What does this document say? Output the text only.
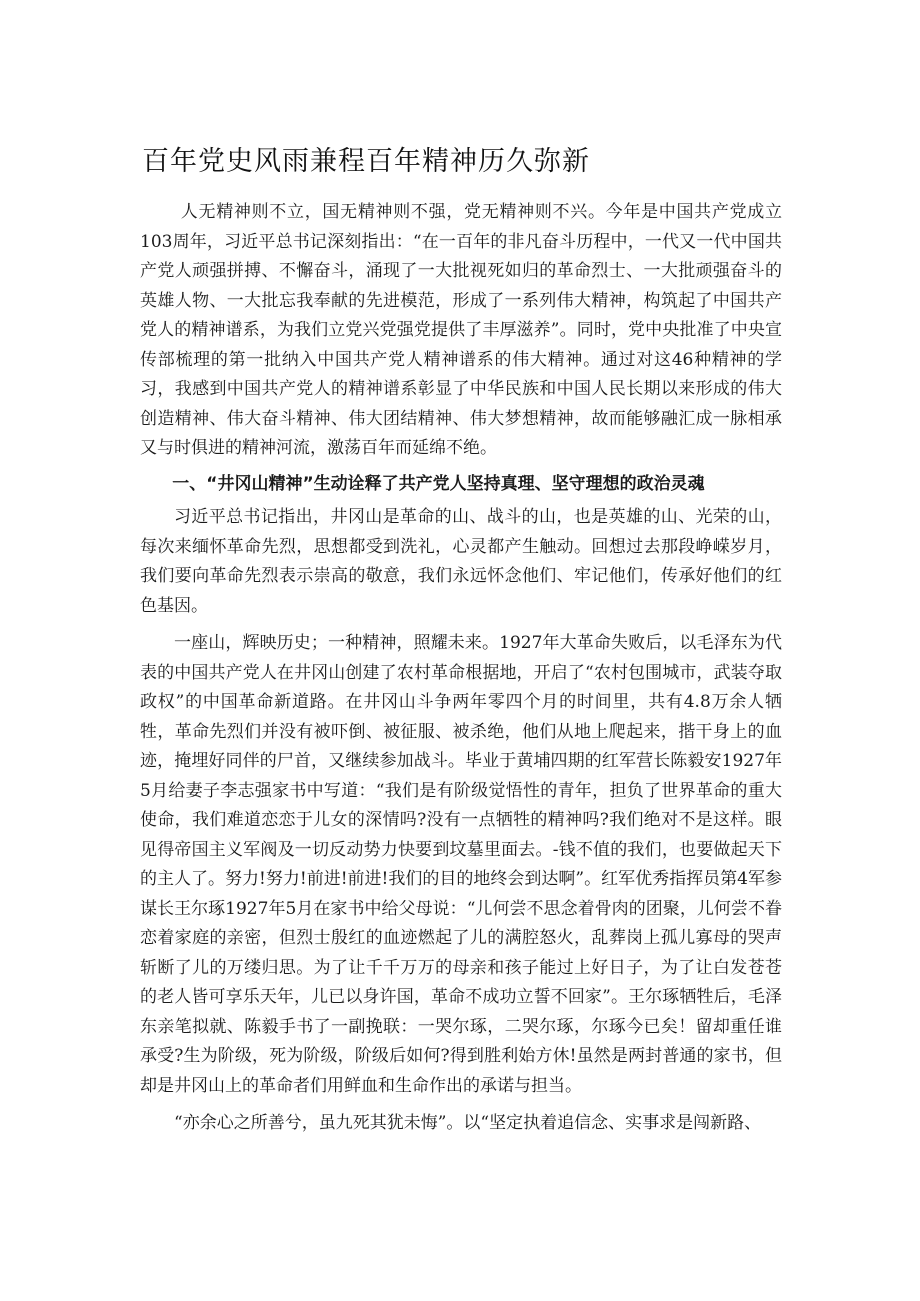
百年党史风雨兼程百年精神历久弥新

人无精神则不立，国无精神则不强，党无精神则不兴。今年是中国共产党成立103周年，习近平总书记深刻指出：“在一百年的非凡奋斗历程中，一代又一代中国共产党人顽强拼搏、不懈奋斗，涌现了一大批视死如归的革命烈士、一大批顽强奋斗的英雄人物、一大批忘我奉献的先进模范，形成了一系列伟大精神，构筑起了中国共产党人的精神谱系，为我们立党兴党强党提供了丰厚滋养”。同时，党中央批准了中央宣传部梳理的第一批纳入中国共产党人精神谱系的伟大精神。通过对这46种精神的学习，我感到中国共产党人的精神谱系彰显了中华民族和中国人民长期以来形成的伟大创造精神、伟大奋斗精神、伟大团结精神、伟大梦想精神，故而能够融汇成一脉相承又与时俱进的精神河流，激荡百年而延绵不绝。

一、“井冈山精神”生动诠释了共产党人坚持真理、坚守理想的政治灵魂

习近平总书记指出，井冈山是革命的山、战斗的山，也是英雄的山、光荣的山，每次来缅怀革命先烈，思想都受到洗礼，心灵都产生触动。回想过去那段峥嵘岁月，我们要向革命先烈表示崇高的敬意，我们永远怀念他们、牢记他们，传承好他们的红色基因。

一座山，辉映历史；一种精神，照耀未来。1927年大革命失败后，以毛泽东为代表的中国共产党人在井冈山创建了农村革命根据地，开启了“农村包围城市，武装夺取政权”的中国革命新道路。在井冈山斗争两年零四个月的时间里，共有4.8万余人牺牲，革命先烈们并没有被吓倒、被征服、被杀绝，他们从地上爬起来，揩干身上的血迹，掩埋好同伴的尸首，又继续参加战斗。毕业于黄埔四期的红军营长陈毅安1927年5月给妻子李志强家书中写道：“我们是有阶级觉悟性的青年，担负了世界革命的重大使命，我们难道恋恋于儿女的深情吗?没有一点牺牲的精神吗?我们绝对不是这样。眼见得帝国主义军阀及一切反动势力快要到坟墓里面去。-钱不值的我们，也要做起天下的主人了。努力!努力!前进!前进!我们的目的地终会到达啊”。红军优秀指挥员第4军参谋长王尔琢1927年5月在家书中给父母说：“儿何尝不思念着骨肉的团聚，儿何尝不眷恋着家庭的亲密，但烈士殷红的血迹燃起了儿的满腔怒火，乱葬岗上孤儿寡母的哭声斩断了儿的万缕归思。为了让千千万万的母亲和孩子能过上好日子，为了让白发苍苍的老人皆可享乐天年，儿已以身许国，革命不成功立誓不回家”。王尔琢牺牲后，毛泽东亲笔拟就、陈毅手书了一副挽联：一哭尔琢，二哭尔琢，尔琢今已矣！留却重任谁承受?生为阶级，死为阶级，阶级后如何?得到胜利始方休!虽然是两封普通的家书，但却是井冈山上的革命者们用鲜血和生命作出的承诺与担当。

“亦余心之所善兮，虽九死其犹未悔”。以“坚定执着追信念、实事求是闯新路、
